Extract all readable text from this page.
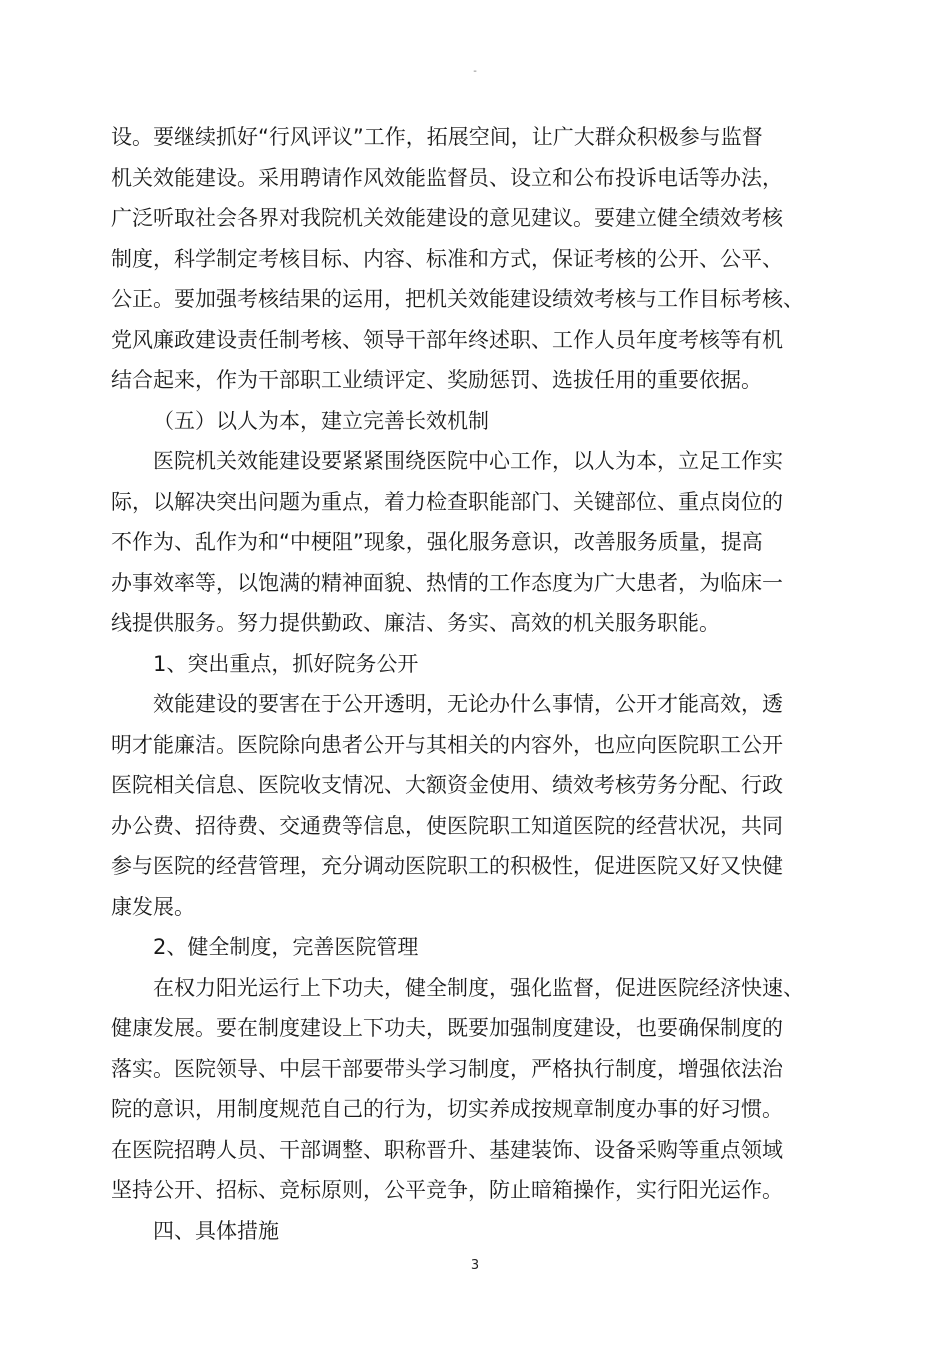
-
设。要继续抓好“行风评议”工作，拓展空间，让广大群众积极参与监督
机关效能建设。采用聘请作风效能监督员、设立和公布投诉电话等办法，
广泛听取社会各界对我院机关效能建设的意见建议。要建立健全绩效考核
制度，科学制定考核目标、内容、标准和方式，保证考核的公开、公平、
公正。要加强考核结果的运用，把机关效能建设绩效考核与工作目标考核、
党风廉政建设责任制考核、领导干部年终述职、工作人员年度考核等有机
结合起来，作为干部职工业绩评定、奖励惩罚、选拔任用的重要依据。
（五）以人为本，建立完善长效机制
医院机关效能建设要紧紧围绕医院中心工作，以人为本，立足工作实
际，以解决突出问题为重点，着力检查职能部门、关键部位、重点岗位的
不作为、乱作为和“中梗阻”现象，强化服务意识，改善服务质量，提高
办事效率等，以饱满的精神面貌、热情的工作态度为广大患者，为临床一
线提供服务。努力提供勤政、廉洁、务实、高效的机关服务职能。
1、突出重点，抓好院务公开
效能建设的要害在于公开透明，无论办什么事情，公开才能高效，透
明才能廉洁。医院除向患者公开与其相关的内容外，也应向医院职工公开
医院相关信息、医院收支情况、大额资金使用、绩效考核劳务分配、行政
办公费、招待费、交通费等信息，使医院职工知道医院的经营状况，共同
参与医院的经营管理，充分调动医院职工的积极性，促进医院又好又快健
康发展。
2、健全制度，完善医院管理
在权力阳光运行上下功夫，健全制度，强化监督，促进医院经济快速、
健康发展。要在制度建设上下功夫，既要加强制度建设，也要确保制度的
落实。医院领导、中层干部要带头学习制度，严格执行制度，增强依法治
院的意识，用制度规范自己的行为，切实养成按规章制度办事的好习惯。
在医院招聘人员、干部调整、职称晋升、基建装饰、设备采购等重点领域
坚持公开、招标、竞标原则，公平竞争，防止暗箱操作，实行阳光运作。
四、具体措施
3
